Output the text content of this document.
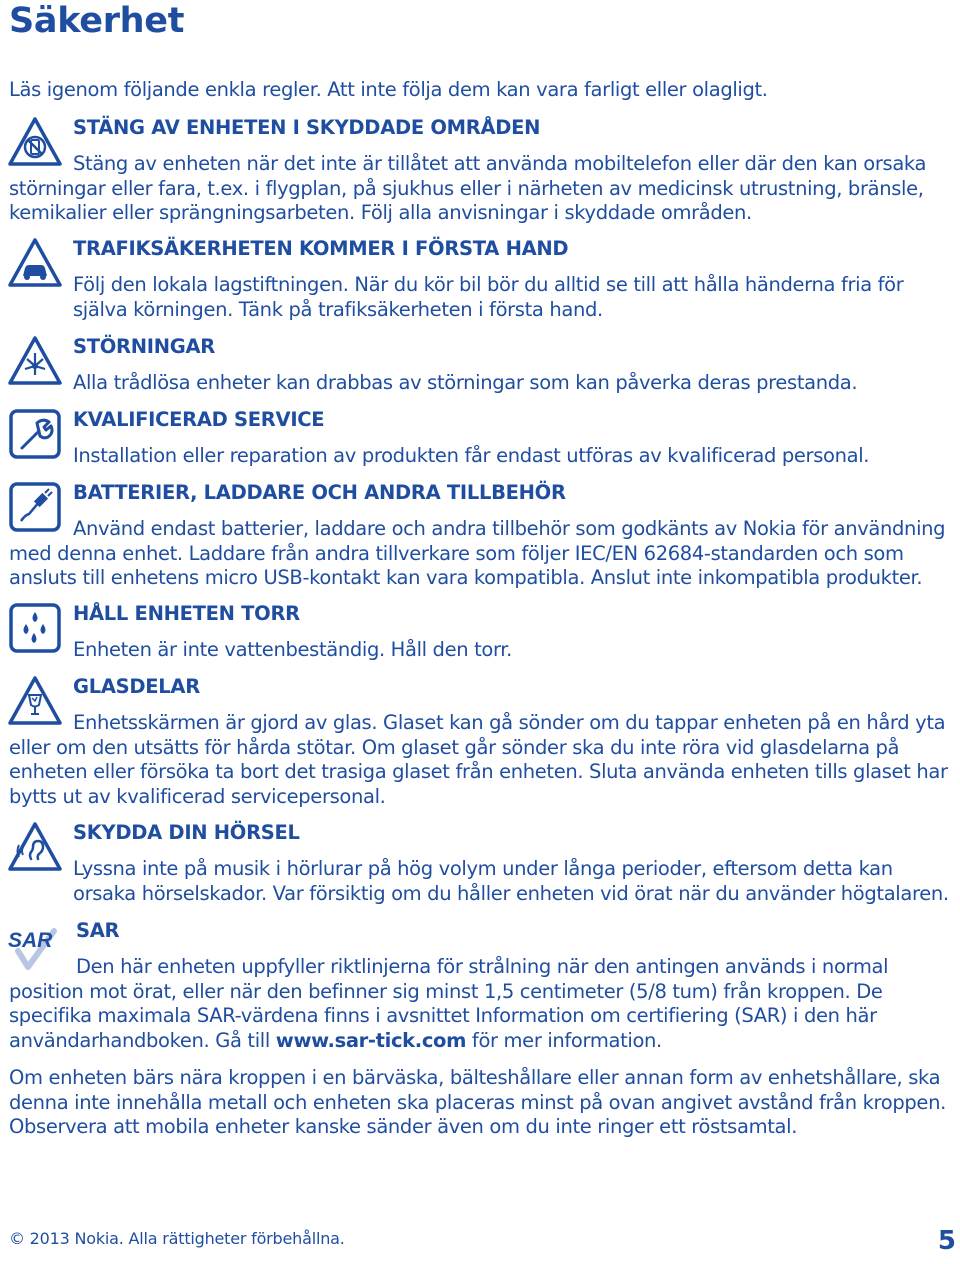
Säkerhet

Läs igenom följande enkla regler. Att inte följa dem kan vara farligt eller olagligt.

STÄNG AV ENHETEN I SKYDDADE OMRÅDEN

Stäng av enheten när det inte är tillåtet att använda mobiltelefon eller där den kan orsaka störningar eller fara, t.ex. i flygplan, på sjukhus eller i närheten av medicinsk utrustning, bränsle, kemikalier eller sprängningsarbeten. Följ alla anvisningar i skyddade områden.

TRAFIKSÄKERHETEN KOMMER I FÖRSTA HAND

Följ den lokala lagstiftningen. När du kör bil bör du alltid se till att hålla händerna fria för själva körningen. Tänk på trafiksäkerheten i första hand.

STÖRNINGAR

Alla trådlösa enheter kan drabbas av störningar som kan påverka deras prestanda.

KVALIFICERAD SERVICE

Installation eller reparation av produkten får endast utföras av kvalificerad personal.

BATTERIER, LADDARE OCH ANDRA TILLBEHÖR

Använd endast batterier, laddare och andra tillbehör som godkänts av Nokia för användning med denna enhet. Laddare från andra tillverkare som följer IEC/EN 62684-standarden och som ansluts till enhetens micro USB-kontakt kan vara kompatibla. Anslut inte inkompatibla produkter.

HÅLL ENHETEN TORR

Enheten är inte vattenbeständig. Håll den torr.

GLASDELAR

Enhetsskärmen är gjord av glas. Glaset kan gå sönder om du tappar enheten på en hård yta eller om den utsätts för hårda stötar. Om glaset går sönder ska du inte röra vid glasdelarna på enheten eller försöka ta bort det trasiga glaset från enheten. Sluta använda enheten tills glaset har bytts ut av kvalificerad servicepersonal.

SKYDDA DIN HÖRSEL

Lyssna inte på musik i hörlurar på hög volym under långa perioder, eftersom detta kan orsaka hörselskador. Var försiktig om du håller enheten vid örat när du använder högtalaren.

SAR SAR

Den här enheten uppfyller riktlinjerna för strålning när den antingen används i normal position mot örat, eller när den befinner sig minst 1,5 centimeter (5/8 tum) från kroppen. De specifika maximala SAR-värdena finns i avsnittet Information om certifiering (SAR) i den här användarhandboken. Gå till www.sar-tick.com för mer information.

Om enheten bärs nära kroppen i en bärväska, bälteshållare eller annan form av enhetshållare, ska denna inte innehålla metall och enheten ska placeras minst på ovan angivet avstånd från kroppen. Observera att mobila enheter kanske sänder även om du inte ringer ett röstsamtal.

© 2013 Nokia. Alla rättigheter förbehållna.	5
